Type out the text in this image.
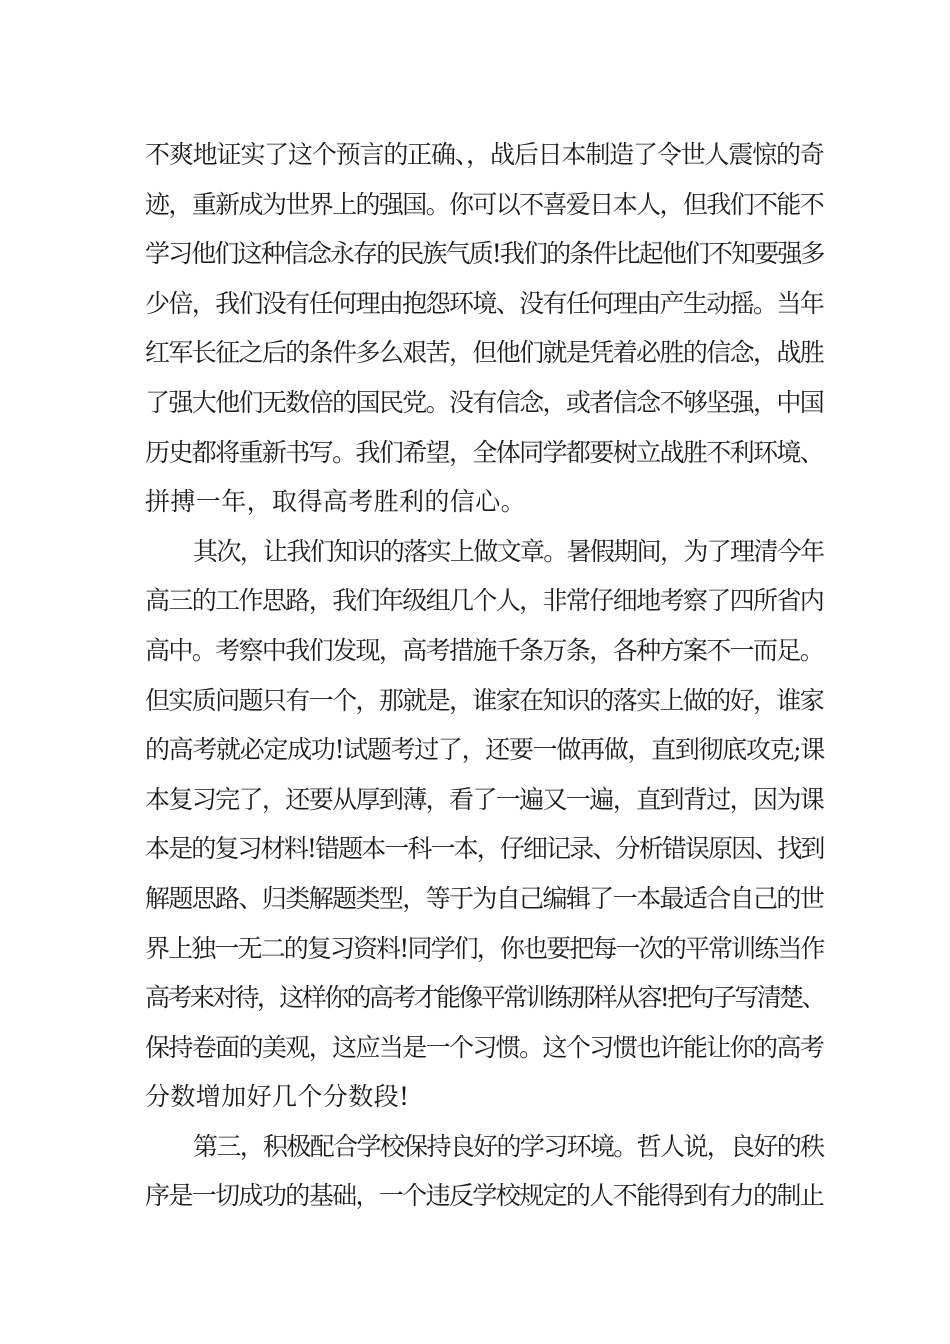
不爽地证实了这个预言的正确、，战后日本制造了令世人震惊的奇
迹，重新成为世界上的强国。你可以不喜爱日本人，但我们不能不
学习他们这种信念永存的民族气质!我们的条件比起他们不知要强多
少倍，我们没有任何理由抱怨环境、没有任何理由产生动摇。当年
红军长征之后的条件多么艰苦，但他们就是凭着必胜的信念，战胜
了强大他们无数倍的国民党。没有信念，或者信念不够坚强，中国
历史都将重新书写。我们希望，全体同学都要树立战胜不利环境、
拼搏一年，取得高考胜利的信心。
其次，让我们知识的落实上做文章。暑假期间，为了理清今年
高三的工作思路，我们年级组几个人，非常仔细地考察了四所省内
高中。考察中我们发现，高考措施千条万条，各种方案不一而足。
但实质问题只有一个，那就是，谁家在知识的落实上做的好，谁家
的高考就必定成功!试题考过了，还要一做再做，直到彻底攻克;课
本复习完了，还要从厚到薄，看了一遍又一遍，直到背过，因为课
本是的复习材料!错题本一科一本，仔细记录、分析错误原因、找到
解题思路、归类解题类型，等于为自己编辑了一本最适合自己的世
界上独一无二的复习资料!同学们，你也要把每一次的平常训练当作
高考来对待，这样你的高考才能像平常训练那样从容!把句子写清楚、
保持卷面的美观，这应当是一个习惯。这个习惯也许能让你的高考
分数增加好几个分数段!
第三，积极配合学校保持良好的学习环境。哲人说，良好的秩
序是一切成功的基础，一个违反学校规定的人不能得到有力的制止
